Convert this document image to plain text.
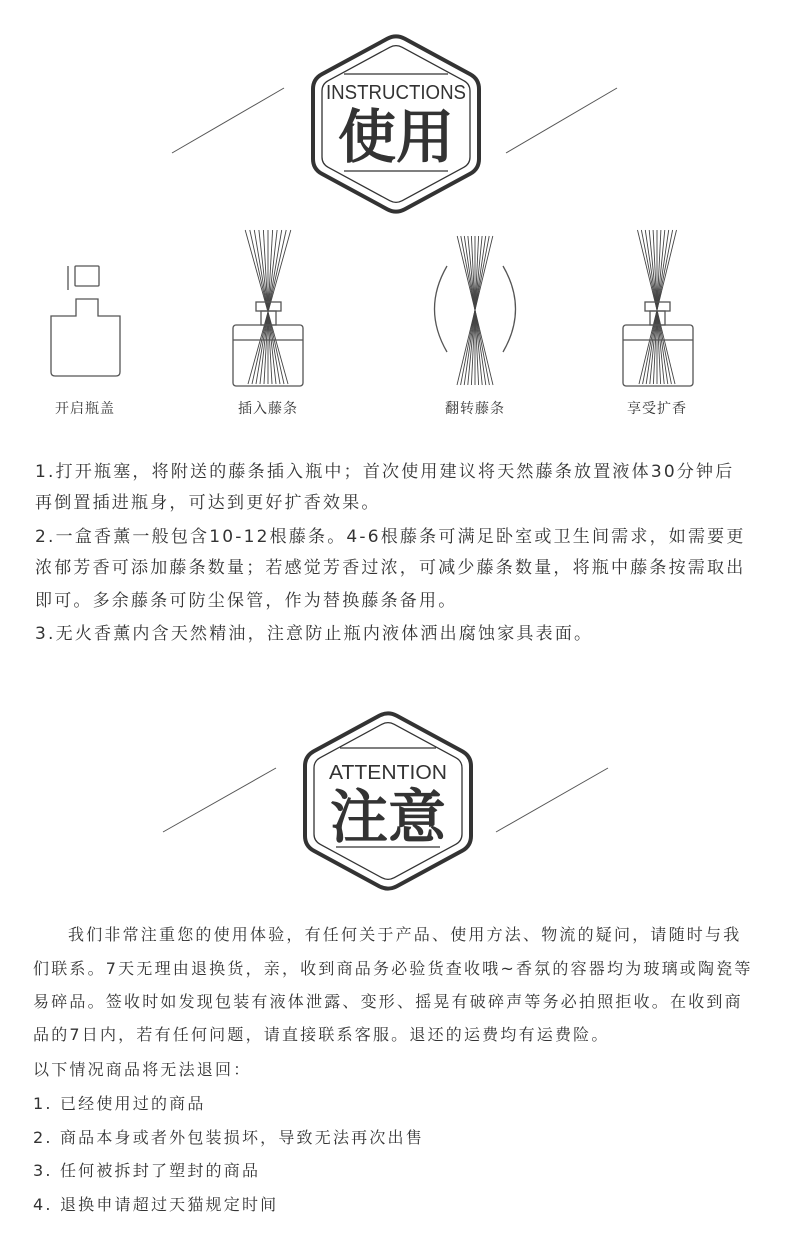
INSTRUCTIONS
使用
ATTENTION
注意
开启瓶盖	插入藤条	翻转藤条	享受扩香
1.打开瓶塞，将附送的藤条插入瓶中；首次使用建议将天然藤条放置液体30分钟后
再倒置插进瓶身，可达到更好扩香效果。
2.一盒香薰一般包含10-12根藤条。4-6根藤条可满足卧室或卫生间需求，如需要更
浓郁芳香可添加藤条数量；若感觉芳香过浓，可减少藤条数量，将瓶中藤条按需取出
即可。多余藤条可防尘保管，作为替换藤条备用。
3.无火香薰内含天然精油，注意防止瓶内液体洒出腐蚀家具表面。
我们非常注重您的使用体验，有任何关于产品、使用方法、物流的疑问，请随时与我
们联系。7天无理由退换货，亲，收到商品务必验货查收哦~香氛的容器均为玻璃或陶瓷等
易碎品。签收时如发现包装有液体泄露、变形、摇晃有破碎声等务必拍照拒收。在收到商
品的7日内，若有任何问题，请直接联系客服。退还的运费均有运费险。
以下情况商品将无法退回：
1. 已经使用过的商品
2. 商品本身或者外包装损坏，导致无法再次出售
3. 任何被拆封了塑封的商品
4. 退换申请超过天猫规定时间
